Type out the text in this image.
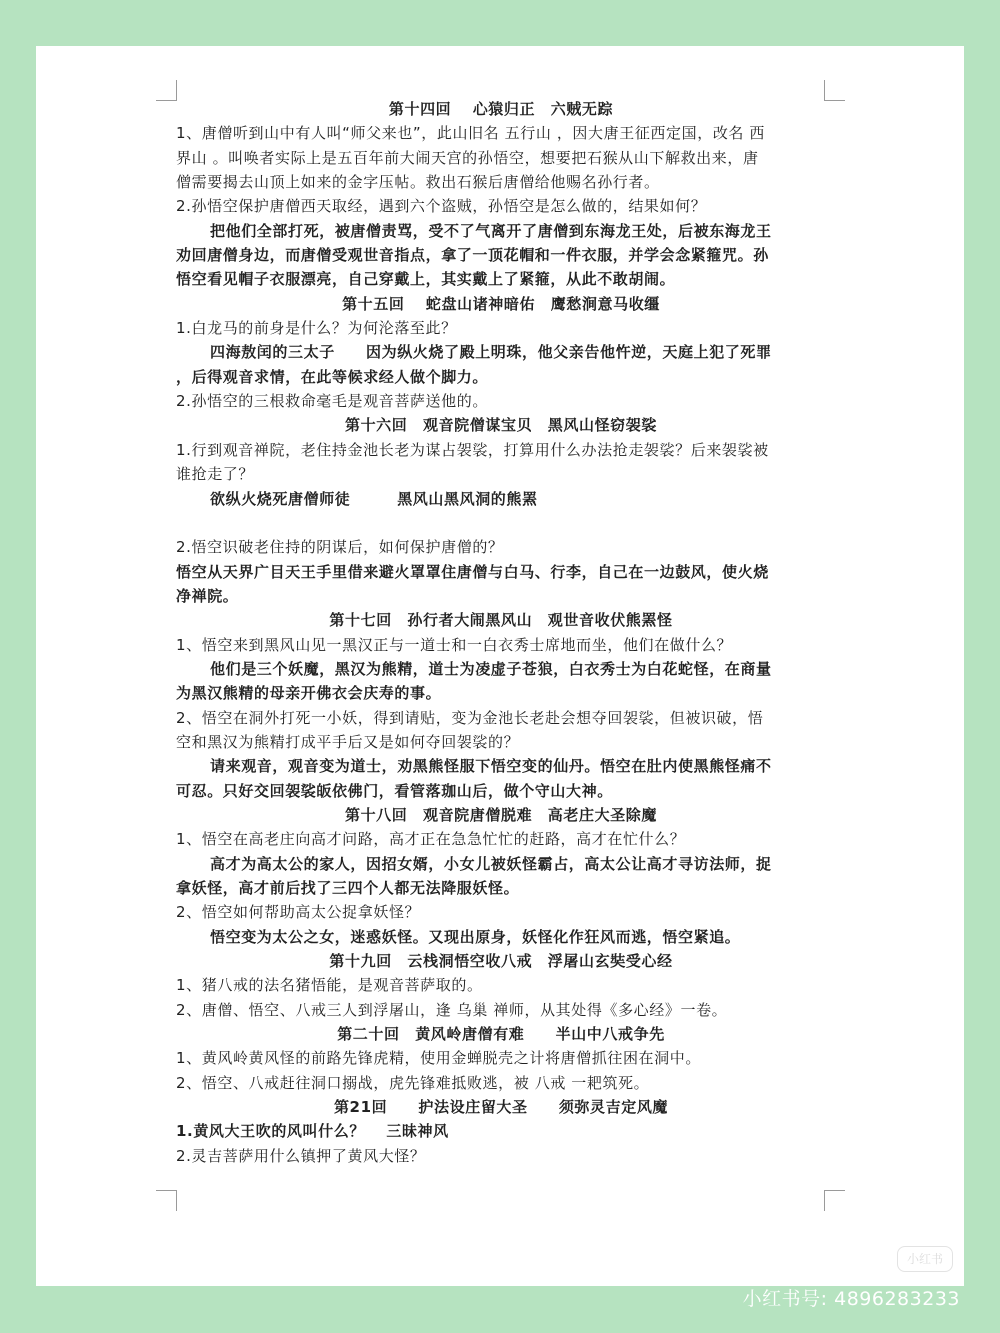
第十四回　 心猿归正　六贼无踪

1、唐僧听到山中有人叫“师父来也”，此山旧名 五行山 ，因大唐王征西定国，改名 西

界山 。叫唤者实际上是五百年前大闹天宫的孙悟空，想要把石猴从山下解救出来，唐

僧需要揭去山顶上如来的金字压帖。救出石猴后唐僧给他赐名孙行者。

2.孙悟空保护唐僧西天取经，遇到六个盗贼，孙悟空是怎么做的，结果如何？

把他们全部打死，被唐僧责骂，受不了气离开了唐僧到东海龙王处，后被东海龙王

劝回唐僧身边，而唐僧受观世音指点，拿了一顶花帽和一件衣服，并学会念紧箍咒。孙

悟空看见帽子衣服漂亮，自己穿戴上，其实戴上了紧箍，从此不敢胡闹。

第十五回　 蛇盘山诸神暗佑　鹰愁涧意马收缰

1.白龙马的前身是什么？为何沦落至此？

四海敖闰的三太子　　因为纵火烧了殿上明珠，他父亲告他忤逆，天庭上犯了死罪

，后得观音求情，在此等候求经人做个脚力。

2.孙悟空的三根救命毫毛是观音菩萨送他的。

第十六回　观音院僧谋宝贝　黑风山怪窃袈裟

1.行到观音禅院，老住持金池长老为谋占袈裟，打算用什么办法抢走袈裟？后来袈裟被

谁抢走了？

欲纵火烧死唐僧师徒　　　黑风山黑风洞的熊罴

2.悟空识破老住持的阴谋后，如何保护唐僧的？

悟空从天界广目天王手里借来避火罩罩住唐僧与白马、行李，自己在一边鼓风，使火烧

净禅院。

第十七回　孙行者大闹黑风山　观世音收伏熊罴怪

1、悟空来到黑风山见一黑汉正与一道士和一白衣秀士席地而坐，他们在做什么？

他们是三个妖魔，黑汉为熊精，道士为凌虚子苍狼，白衣秀士为白花蛇怪，在商量

为黑汉熊精的母亲开佛衣会庆寿的事。

2、悟空在洞外打死一小妖，得到请贴，变为金池长老赴会想夺回袈裟，但被识破，悟

空和黑汉为熊精打成平手后又是如何夺回袈裟的？

请来观音，观音变为道士，劝黑熊怪服下悟空变的仙丹。悟空在肚内使黑熊怪痛不

可忍。只好交回袈裟皈依佛门，看管落珈山后，做个守山大神。

第十八回　观音院唐僧脱难　高老庄大圣除魔

1、悟空在高老庄向高才问路，高才正在急急忙忙的赶路，高才在忙什么？

高才为高太公的家人，因招女婿，小女儿被妖怪霸占，高太公让高才寻访法师，捉

拿妖怪，高才前后找了三四个人都无法降服妖怪。

2、悟空如何帮助高太公捉拿妖怪？

悟空变为太公之女，迷惑妖怪。又现出原身，妖怪化作狂风而逃，悟空紧追。

第十九回　云栈洞悟空收八戒　浮屠山玄奘受心经

1、猪八戒的法名猪悟能，是观音菩萨取的。

2、唐僧、悟空、八戒三人到浮屠山，逢 乌巢 禅师，从其处得《多心经》一卷。

第二十回　黄风岭唐僧有难　　半山中八戒争先

1、黄风岭黄风怪的前路先锋虎精，使用金蝉脱壳之计将唐僧抓往困在洞中。

2、悟空、八戒赶往洞口搦战，虎先锋难抵败逃，被 八戒 一耙筑死。

第21回　　护法设庄留大圣　　须弥灵吉定风魔

1.黄风大王吹的风叫什么？　 三昧神风

2.灵吉菩萨用什么镇押了黄风大怪？

小红书
小红书号: 4896283233
